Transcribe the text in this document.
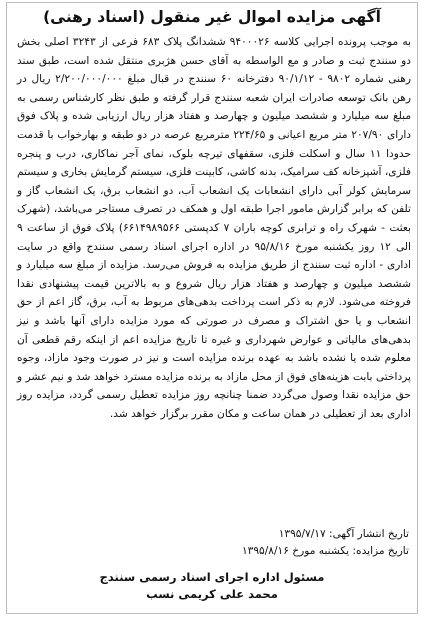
آگهی مزایده اموال غیر منقول (اسناد رهنی)

به موجب پرونده اجرایی کلاسه ۹۴۰۰۰۲۶ ششدانگ پلاک ۶۸۳ فرعی از ۳۲۴۳ اصلی بخش دو سنندج ثبت و صادر و مع الواسطه به آقای حسن هژبری منتقل شده است، طبق سند رهنی شماره ۹۸۰۲ - ۹۰/۱/۱۲ دفترخانه ۶۰ سنندج در قبال مبلغ ۲/۲۰۰/۰۰۰/۰۰۰ ریال در رهن بانک توسعه صادرات ایران شعبه سنندج قرار گرفته و طبق نظر کارشناس رسمی به مبلغ سه میلیارد و ششصد میلیون و چهارصد و هفتاد هزار ریال ارزیابی شده و پلاک فوق دارای ۲۰۷/۹۰ متر مربع اعیانی و ۲۲۴/۶۵ مترمربع عرصه در دو طبقه و بهارخواب با قدمت حدودا ۱۱ سال و اسکلت فلزی، سقفهای تیرچه بلوک، نمای آجر نماکاری، درب و پنجره فلزی، آشپزخانه کف سرامیک، بدنه کاشی، کابینت فلزی، سیستم گرمایش بخاری و سیستم سرمایش کولر آبی دارای انشعابات یک انشعاب آب، دو انشعاب برق، یک انشعاب گاز و تلفن که برابر گزارش مامور اجرا طبقه اول و همکف در تصرف مستاجر می‌باشد، (شهرک بعثت - شهرک راه و ترابری کوچه باران ۷ کدپستی ۶۶۱۴۹۸۹۵۶۶) پلاک فوق از ساعت ۹ الی ۱۲ روز یکشنبه مورخ ۹۵/۸/۱۶ در اداره اجرای اسناد رسمی سنندج واقع در سایت اداری - اداره ثبت سنندج از طریق مزایده به فروش می‌رسد. مزایده از مبلغ سه میلیارد و ششصد میلیون و چهارصد و هفتاد هزار ریال شروع و به بالاترین قیمت پیشنهادی نقدا فروخته می‌شود. لازم به ذکر است پرداخت بدهی‌های مربوط به آب، برق، گاز اعم از حق انشعاب و یا حق اشتراک و مصرف در صورتی که مورد مزایده دارای آنها باشد و نیز بدهی‌های مالیاتی و عوارض شهرداری و غیره تا تاریخ مزایده اعم از اینکه رقم قطعی آن معلوم شده یا نشده باشد به عهده برنده مزایده است و نیز در صورت وجود مازاد، وجوه پرداختی بابت هزینه‌های فوق از محل مازاد به برنده مزایده مسترد خواهد شد و نیم عشر و حق مزایده نقدا وصول می‌گردد ضمنا چنانچه روز مزایده تعطیل رسمی گردد، مزایده روز اداری بعد از تعطیلی در همان ساعت و مکان مقرر برگزار خواهد شد.

تاریخ انتشار آگهی: ۱۳۹۵/۷/۱۷
تاریخ مزایده: یکشنبه مورخ ۱۳۹۵/۸/۱۶
مسئول اداره اجرای اسناد رسمی سنندج
محمد علی کریمی نسب
